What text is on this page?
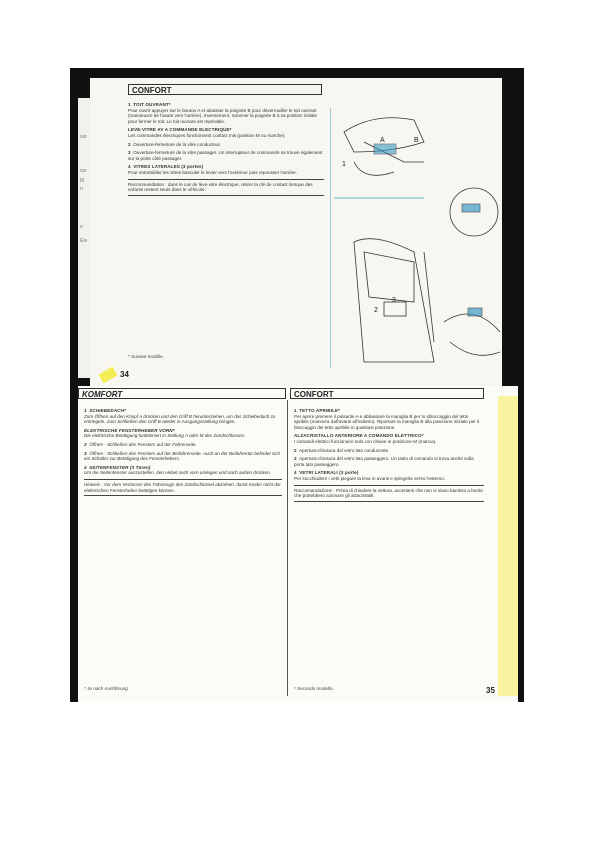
sor
sor
M
ri
e
Ele
CONFORT

1 TOIT OUVRANT*
Pour ouvrir appuyer sur le bouton A et abaisser la poignée B pour déverrouiller le toit ouvrant (manoeuvre de l'avant vers l'arrière). Inversement, ramener la poignée B à sa position initiale pour fermer le toit. Le toit ouvrant est repérable.

LEVE-VITRE AV A COMMANDE ELECTRIQUE*
Les commandes électriques fonctionnent contact mis (position M ou marche).

2 Ouverture-fermeture de la vitre conducteur.

3 Ouverture-fermeture de la vitre passager. Un interrupteur de commande se trouve également sur la porte côté passager.

4 VITRES LATERALES (3 portes)
Pour entrebâiller les vitres basculer le levier vers l'extérieur puis repousser l'arrière.

Recommandation : dans le cas de lève-vitre électrique, retirer la clé de contact lorsque des enfants restent seuls dans le véhicule.

A	B
1
3
2
* Suivant modèle.
34
KOMFORT	CONFORT

1 SCHIEBEDACH*
Zum Öffnen auf den Knopf A drücken und den Griff B herunterziehen, um das Schiebedach zu entriegeln. Zum Schließen den Griff B wieder in Ausgangsstellung bringen.

ELEKTRISCHE FENSTERHEBER VORN*
Die elektrische Betätigung funktioniert in Stellung A oder M des Zündschlosses.

2 Öffnen - Schließen des Fensters auf der Fahrerseite.

3 Öffnen - Schließen des Fensters auf der Beifahrerseite. Auch an der Beifahrertür befindet sich ein Schalter zur Betätigung des Fensterhebers.

4 SEITENFENSTER (3 Türen)
Um die Seitenfenster auszustellen, den Hebel nach vorn umlegen und nach außen drücken.

Hinweis : Vor dem Verlassen des Fahrzeugs den Zündschlüssel abziehen, damit Kinder nicht die elektrischen Fensterheber betätigen können.

1 TETTO APRIBILE*
Per aprire premere il pulsante A e abbassare la maniglia B per lo sbloccaggio del tetto apribile (manovra dall'avanti all'indietro). Riportare la maniglia B alla posizione iniziale per il bloccaggio del tetto apribile in qualsiasi posizione.

ALZACRISTALLO ANTERIORE A COMANDO ELETTRICO*
I comandi elettrici funzionano solo con chiave in posizione M (marcia).

2 Apertura-chiusura del vetro lato conducente.

3 Apertura-chiusura del vetro lato passeggero. Un tasto di comando si trova anche sulla porta lato passeggero.

4 VETRI LATERALI (3 porte)
Per socchiudere i vetri piegare la leva in avanti e spingerla verso l'esterno.

Raccomandazione : Prima di chiudere la vettura, accertarsi che non vi siano bambini a bordo che potrebbero azionare gli alzacristalli.

* Je nach Ausführung	* Secondo modello.	35
